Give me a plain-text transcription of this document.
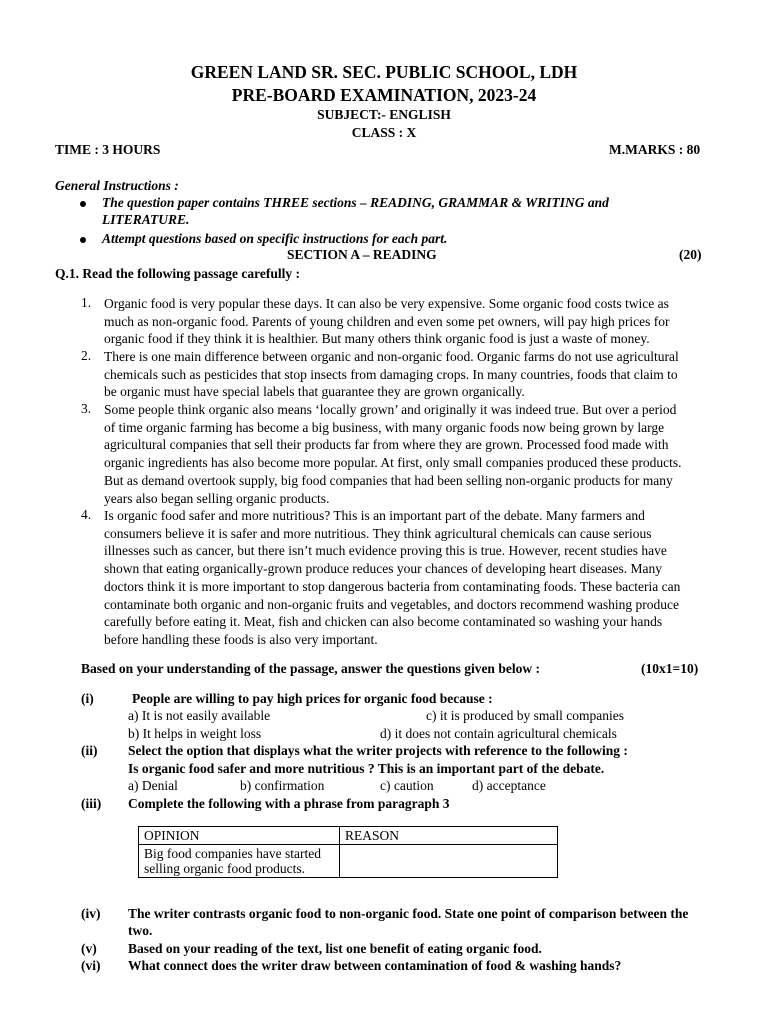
GREEN LAND SR. SEC. PUBLIC SCHOOL, LDH
PRE-BOARD EXAMINATION, 2023-24
SUBJECT:- ENGLISH
CLASS : X
TIME : 3 HOURS	M.MARKS : 80
General Instructions :
The question paper contains THREE sections – READING, GRAMMAR & WRITING and
LITERATURE.
Attempt questions based on specific instructions for each part.
SECTION A – READING	(20)
Q.1. Read the following passage carefully :
1. Organic food is very popular these days. It can also be very expensive. Some organic food costs twice as
much as non-organic food. Parents of young children and even some pet owners, will pay high prices for
organic food if they think it is healthier. But many others think organic food is just a waste of money.
2. There is one main difference between organic and non-organic food. Organic farms do not use agricultural
chemicals such as pesticides that stop insects from damaging crops. In many countries, foods that claim to
be organic must have special labels that guarantee they are grown organically.
3. Some people think organic also means ‘locally grown’ and originally it was indeed true. But over a period
of time organic farming has become a big business, with many organic foods now being grown by large
agricultural companies that sell their products far from where they are grown. Processed food made with
organic ingredients has also become more popular. At first, only small companies produced these products.
But as demand overtook supply, big food companies that had been selling non-organic products for many
years also began selling organic products.
4. Is organic food safer and more nutritious? This is an important part of the debate. Many farmers and
consumers believe it is safer and more nutritious. They think agricultural chemicals can cause serious
illnesses such as cancer, but there isn’t much evidence proving this is true. However, recent studies have
shown that eating organically-grown produce reduces your chances of developing heart diseases. Many
doctors think it is more important to stop dangerous bacteria from contaminating foods. These bacteria can
contaminate both organic and non-organic fruits and vegetables, and doctors recommend washing produce
carefully before eating it. Meat, fish and chicken can also become contaminated so washing your hands
before handling these foods is also very important.
Based on your understanding of the passage, answer the questions given below :	(10x1=10)
(i)	People are willing to pay high prices for organic food because :
a) It is not easily available	c) it is produced by small companies
b) It helps in weight loss	d) it does not contain agricultural chemicals
(ii) Select the option that displays what the writer projects with reference to the following :
Is organic food safer and more nutritious ? This is an important part of the debate.
a) Denial	b) confirmation	c) caution	d) acceptance
(iii) Complete the following with a phrase from paragraph 3
OPINION	REASON

Big food companies have started
selling organic food products.	

(iv) The writer contrasts organic food to non-organic food. State one point of comparison between the
two.
(v) Based on your reading of the text, list one benefit of eating organic food.
(vi) What connect does the writer draw between contamination of food & washing hands?
